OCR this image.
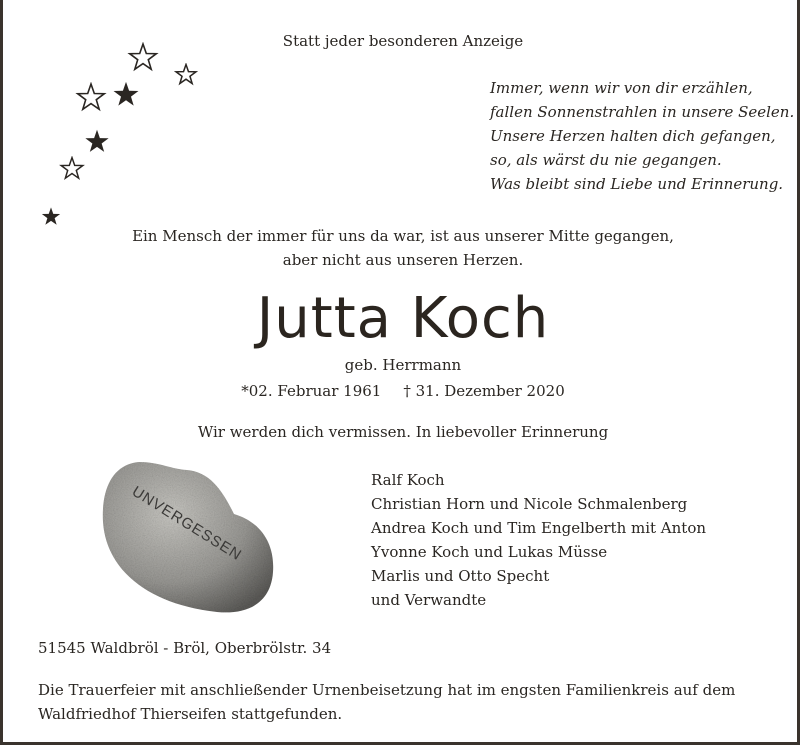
Statt jeder besonderen Anzeige
Immer, wenn wir von dir erzählen,
fallen Sonnenstrahlen in unsere Seelen.
Unsere Herzen halten dich gefangen,
so, als wärst du nie gegangen.
Was bleibt sind Liebe und Erinnerung.
Ein Mensch der immer für uns da war, ist aus unserer Mitte gegangen,
aber nicht aus unseren Herzen.
Jutta Koch
geb. Herrmann
*02. Februar 1961 † 31. Dezember 2020
Wir werden dich vermissen. In liebevoller Erinnerung
UNVERGESSEN
Ralf Koch
Christian Horn und Nicole Schmalenberg
Andrea Koch und Tim Engelberth mit Anton
Yvonne Koch und Lukas Müsse
Marlis und Otto Specht
und Verwandte
51545 Waldbröl - Bröl, Oberbrölstr. 34
Die Trauerfeier mit anschließender Urnenbeisetzung hat im engsten Familienkreis auf dem
Waldfriedhof Thierseifen stattgefunden.
